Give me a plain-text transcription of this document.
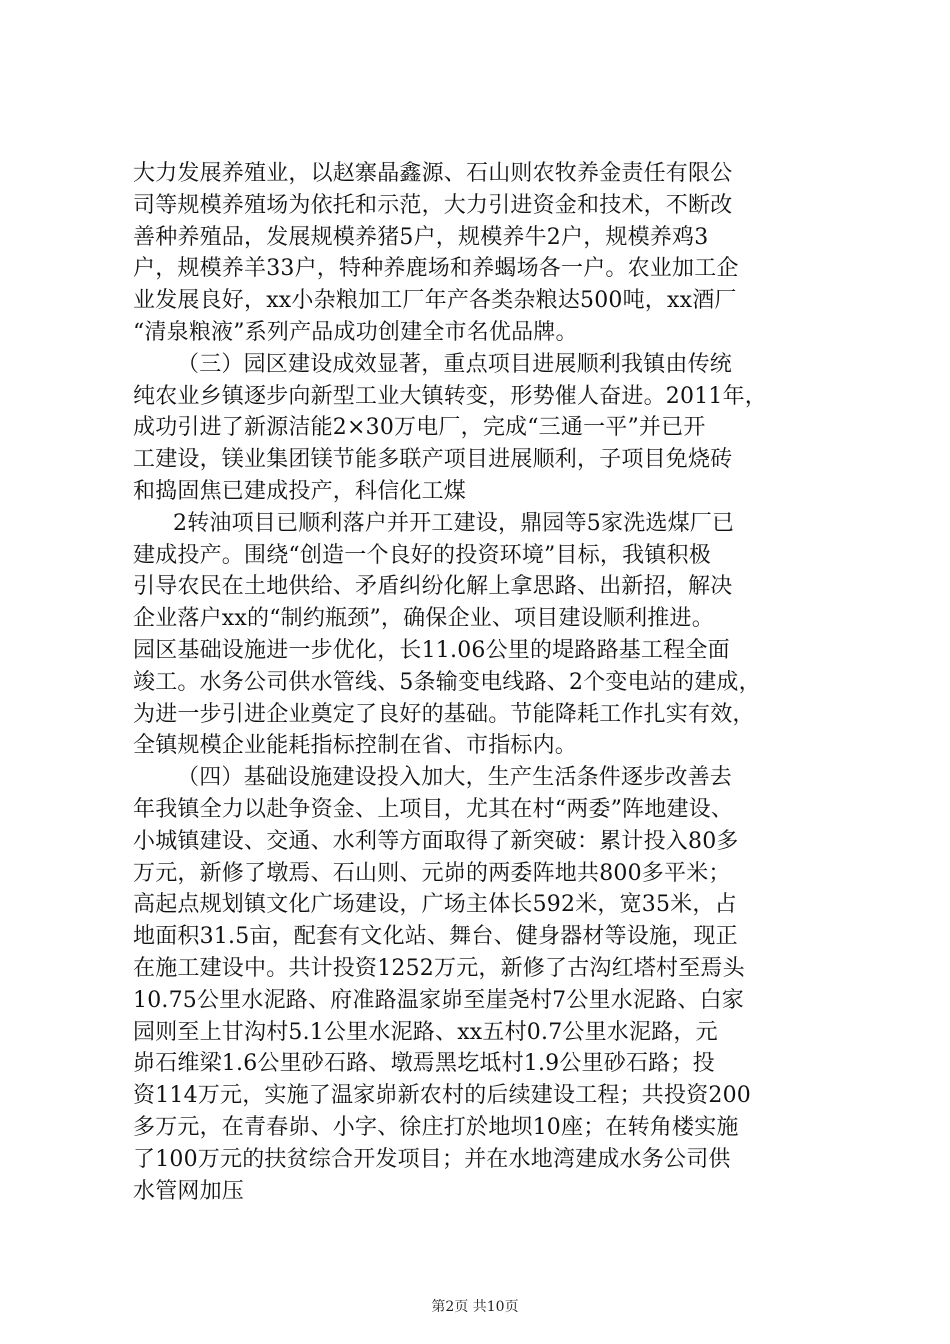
大力发展养殖业，以赵寨晶鑫源、石山则农牧养金责任有限公
司等规模养殖场为依托和示范，大力引进资金和技术，不断改
善种养殖品，发展规模养猪5户，规模养牛2户，规模养鸡3
户，规模养羊33户，特种养鹿场和养蝎场各一户。农业加工企
业发展良好，xx小杂粮加工厂年产各类杂粮达500吨，xx酒厂
“清泉粮液”系列产品成功创建全市名优品牌。
（三）园区建设成效显著，重点项目进展顺利我镇由传统
纯农业乡镇逐步向新型工业大镇转变，形势催人奋进。2011年，
成功引进了新源洁能2×30万电厂，完成“三通一平”并已开
工建设，镁业集团镁节能多联产项目进展顺利，子项目免烧砖
和捣固焦已建成投产，科信化工煤
2转油项目已顺利落户并开工建设，鼎园等5家洗选煤厂已
建成投产。围绕“创造一个良好的投资环境”目标，我镇积极
引导农民在土地供给、矛盾纠纷化解上拿思路、出新招，解决
企业落户xx的“制约瓶颈”，确保企业、项目建设顺利推进。
园区基础设施进一步优化，长11.06公里的堤路路基工程全面
竣工。水务公司供水管线、5条输变电线路、2个变电站的建成，
为进一步引进企业奠定了良好的基础。节能降耗工作扎实有效，
全镇规模企业能耗指标控制在省、市指标内。
（四）基础设施建设投入加大，生产生活条件逐步改善去
年我镇全力以赴争资金、上项目，尤其在村“两委”阵地建设、
小城镇建设、交通、水利等方面取得了新突破：累计投入80多
万元，新修了墩焉、石山则、元峁的两委阵地共800多平米；
高起点规划镇文化广场建设，广场主体长592米，宽35米，占
地面积31.5亩，配套有文化站、舞台、健身器材等设施，现正
在施工建设中。共计投资1252万元，新修了古沟红塔村至焉头
10.75公里水泥路、府准路温家峁至崖尧村7公里水泥路、白家
园则至上甘沟村5.1公里水泥路、xx五村0.7公里水泥路，元
峁石维梁1.6公里砂石路、墩焉黑圪坻村1.9公里砂石路；投
资114万元，实施了温家峁新农村的后续建设工程；共投资200
多万元，在青春峁、小字、徐庄打於地坝10座；在转角楼实施
了100万元的扶贫综合开发项目；并在水地湾建成水务公司供
水管网加压
第2页 共10页
